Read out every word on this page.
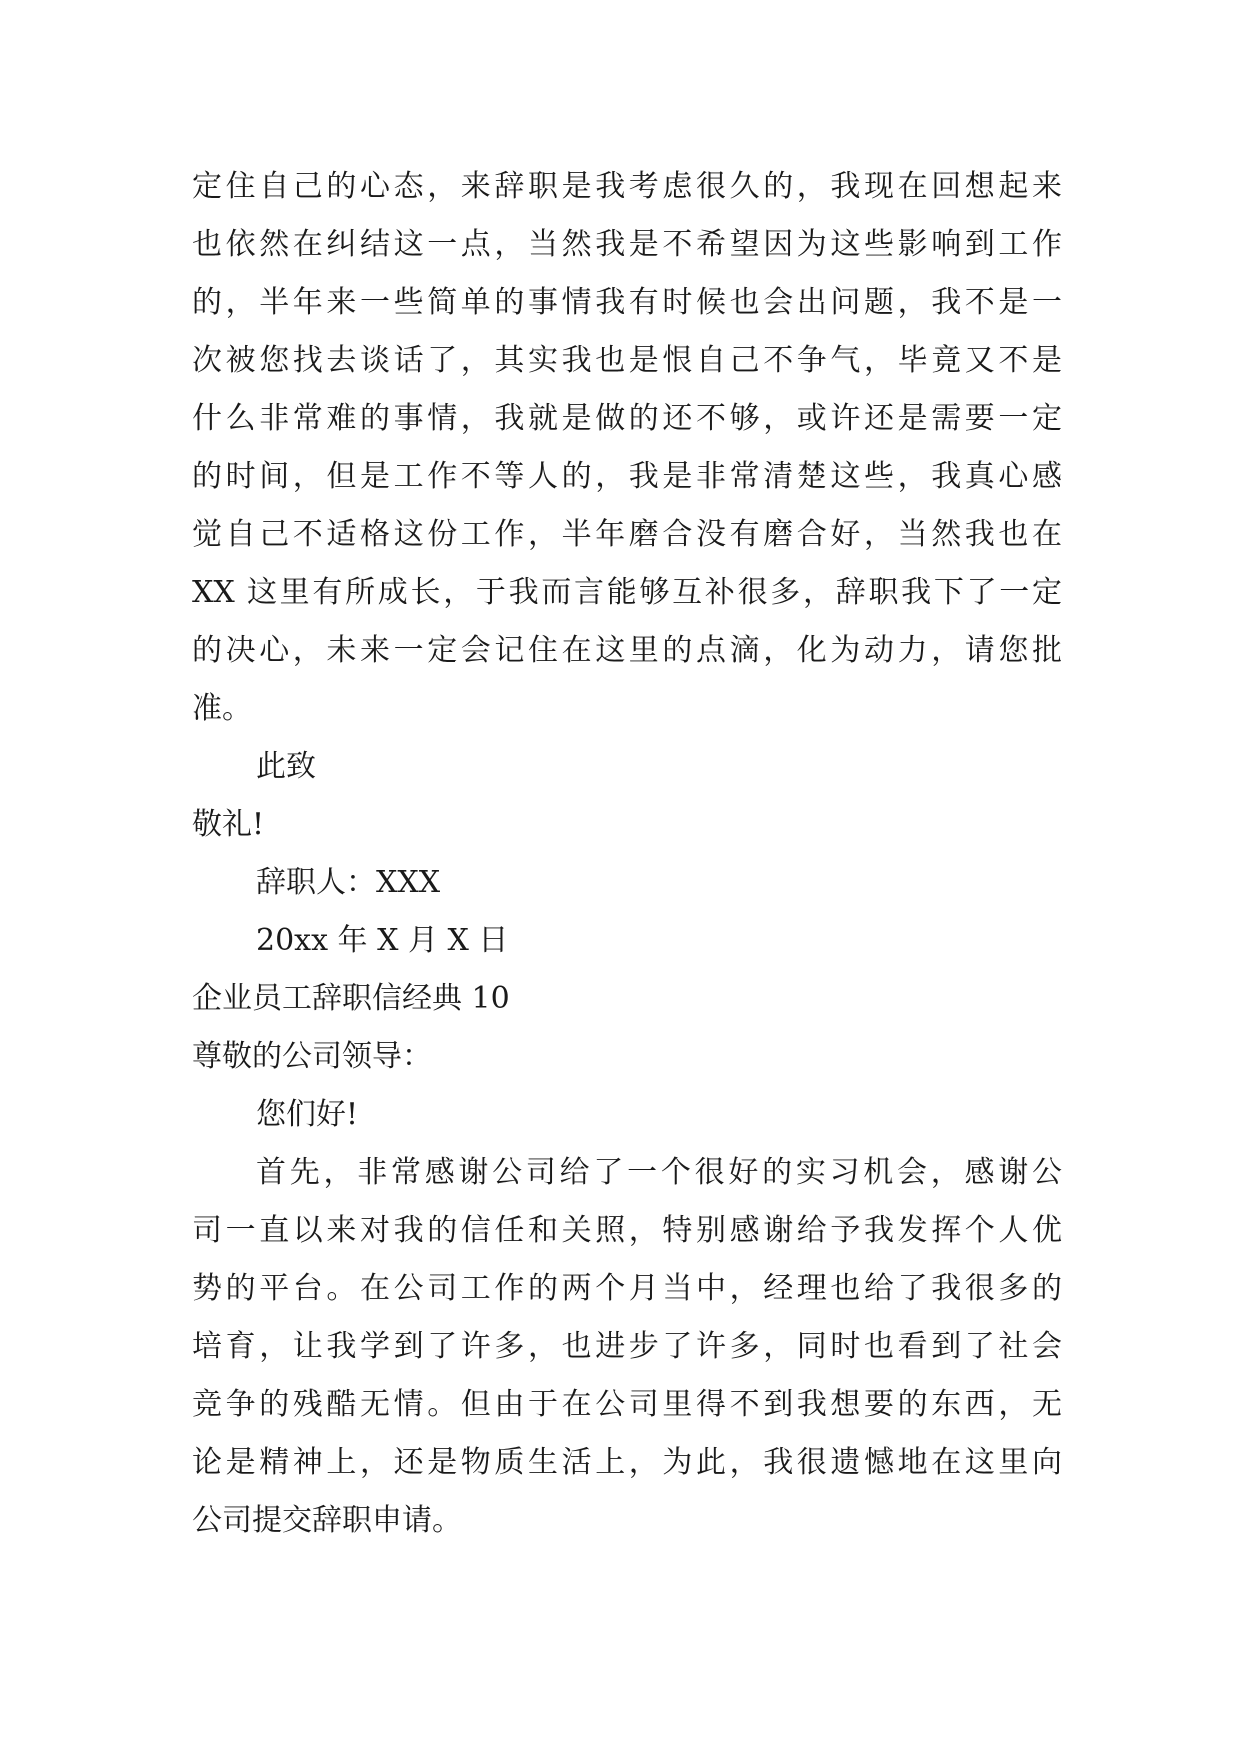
定住自己的心态，来辞职是我考虑很久的，我现在回想起来
也依然在纠结这一点，当然我是不希望因为这些影响到工作
的，半年来一些简单的事情我有时候也会出问题，我不是一
次被您找去谈话了，其实我也是恨自己不争气，毕竟又不是
什么非常难的事情，我就是做的还不够，或许还是需要一定
的时间，但是工作不等人的，我是非常清楚这些，我真心感
觉自己不适格这份工作，半年磨合没有磨合好，当然我也在
XX 这里有所成长，于我而言能够互补很多，辞职我下了一定
的决心，未来一定会记住在这里的点滴，化为动力，请您批
准。
此致
敬礼!
辞职人：XXX
20xx 年 X 月 X 日
企业员工辞职信经典 10
尊敬的公司领导：
您们好!
首先，非常感谢公司给了一个很好的实习机会，感谢公
司一直以来对我的信任和关照，特别感谢给予我发挥个人优
势的平台。在公司工作的两个月当中，经理也给了我很多的
培育，让我学到了许多，也进步了许多，同时也看到了社会
竞争的残酷无情。但由于在公司里得不到我想要的东西，无
论是精神上，还是物质生活上，为此，我很遗憾地在这里向
公司提交辞职申请。
